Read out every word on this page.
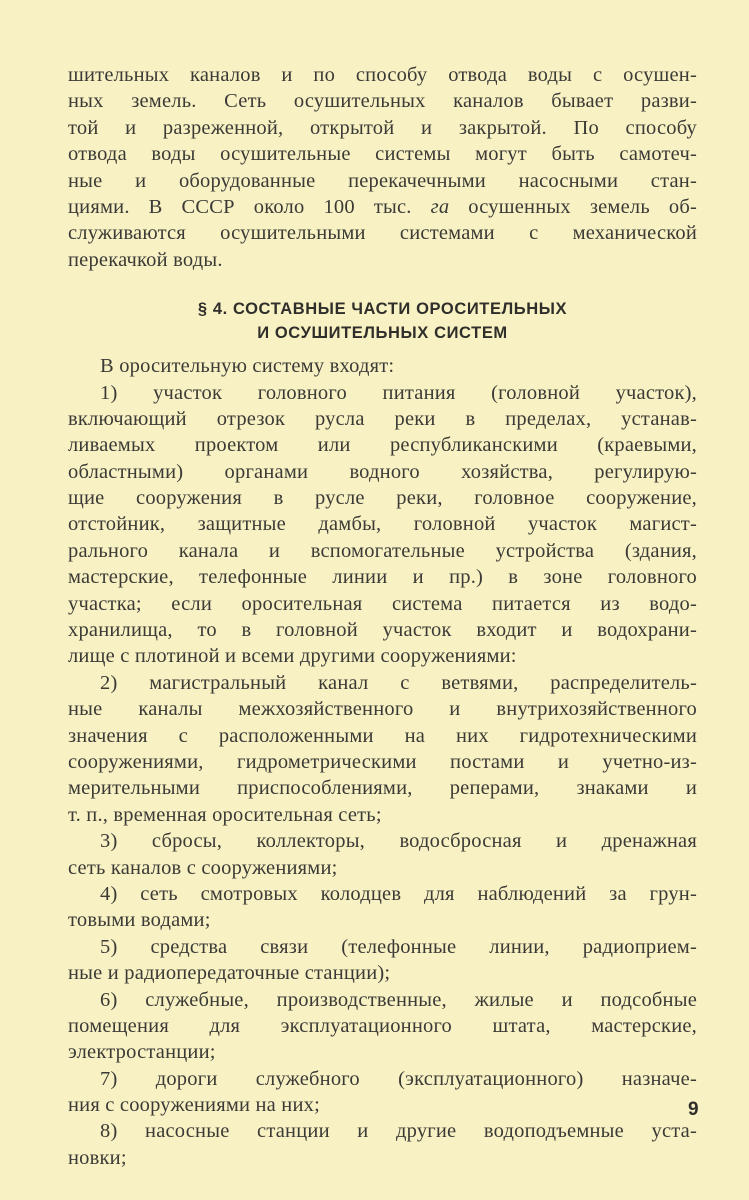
шительных каналов и по способу отвода воды с осушен-
ных земель. Сеть осушительных каналов бывает разви-
той и разреженной, открытой и закрытой. По способу
отвода воды осушительные системы могут быть самотеч-
ные и оборудованные перекачечными насосными стан-
циями. В СССР около 100 тыс. га осушенных земель об-
служиваются осушительными системами с механической
перекачкой воды.
§ 4. СОСТАВНЫЕ ЧАСТИ ОРОСИТЕЛЬНЫХ
И ОСУШИТЕЛЬНЫХ СИСТЕМ
В оросительную систему входят:
1) участок головного питания (головной участок),
включающий отрезок русла реки в пределах, устанав-
ливаемых проектом или республиканскими (краевыми,
областными) органами водного хозяйства, регулирую-
щие сооружения в русле реки, головное сооружение,
отстойник, защитные дамбы, головной участок магист-
рального канала и вспомогательные устройства (здания,
мастерские, телефонные линии и пр.) в зоне головного
участка; если оросительная система питается из водо-
хранилища, то в головной участок входит и водохрани-
лище с плотиной и всеми другими сооружениями:
2) магистральный канал с ветвями, распределитель-
ные каналы межхозяйственного и внутрихозяйственного
значения с расположенными на них гидротехническими
сооружениями, гидрометрическими постами и учетно-из-
мерительными приспособлениями, реперами, знаками и
т. п., временная оросительная сеть;
3) сбросы, коллекторы, водосбросная и дренажная
сеть каналов с сооружениями;
4) сеть смотровых колодцев для наблюдений за грун-
товыми водами;
5) средства связи (телефонные линии, радиоприем-
ные и радиопередаточные станции);
6) служебные, производственные, жилые и подсобные
помещения для эксплуатационного штата, мастерские,
электростанции;
7) дороги служебного (эксплуатационного) назначе-
ния с сооружениями на них;
8) насосные станции и другие водоподъемные уста-
новки;
9
